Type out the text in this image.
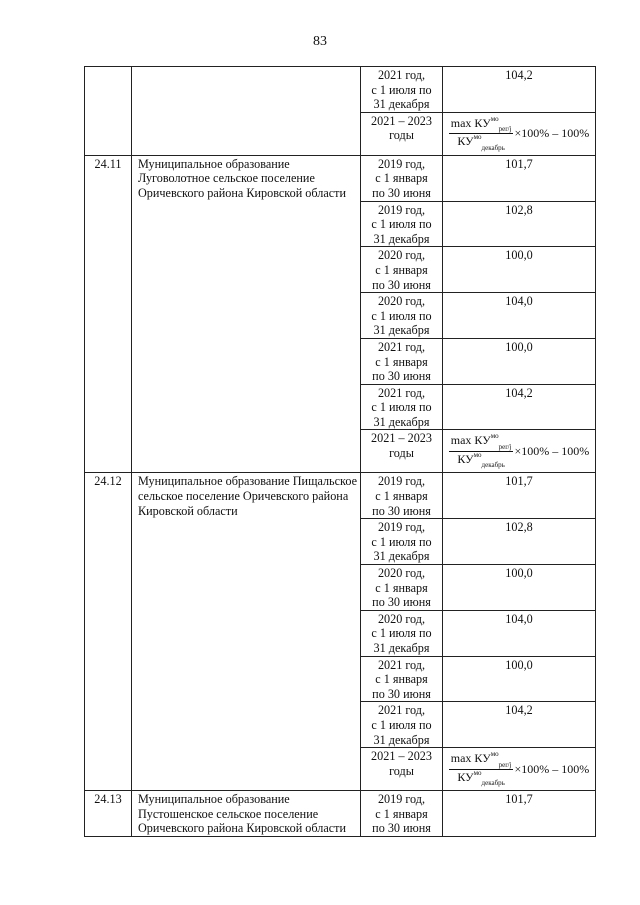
83
		2021 год,
с 1 июля по
31 декабря	104,2
		2021 – 2023
годы	$\frac{\max КУ^{мо}_{per/j}}{КУ^{мо}_{декабрь}} \times 100\% - 100\%$

24.11	Муниципальное образование Луговолотное сельское поселение Оричевского района Кировской области	2019 год,
с 1 января
по 30 июня	101,7
		2019 год,
с 1 июля по
31 декабря	102,8
		2020 год,
с 1 января
по 30 июня	100,0
		2020 год,
с 1 июля по
31 декабря	104,0
		2021 год,
с 1 января
по 30 июня	100,0
		2021 год,
с 1 июля по
31 декабря	104,2
		2021 – 2023
годы	$\frac{\max КУ^{мо}_{per/j}}{КУ^{мо}_{декабрь}} \times 100\% - 100\%$

24.12	Муниципальное образование Пищальское сельское поселение Оричевского района Кировской области	2019 год,
с 1 января
по 30 июня	101,7
		2019 год,
с 1 июля по
31 декабря	102,8
		2020 год,
с 1 января
по 30 июня	100,0
		2020 год,
с 1 июля по
31 декабря	104,0
		2021 год,
с 1 января
по 30 июня	100,0
		2021 год,
с 1 июля по
31 декабря	104,2
		2021 – 2023
годы	$\frac{\max КУ^{мо}_{per/j}}{КУ^{мо}_{декабрь}} \times 100\% - 100\%$

24.13	Муниципальное образование Пустошенское сельское поселение Оричевского района Кировской области	2019 год,
с 1 января
по 30 июня	101,7
